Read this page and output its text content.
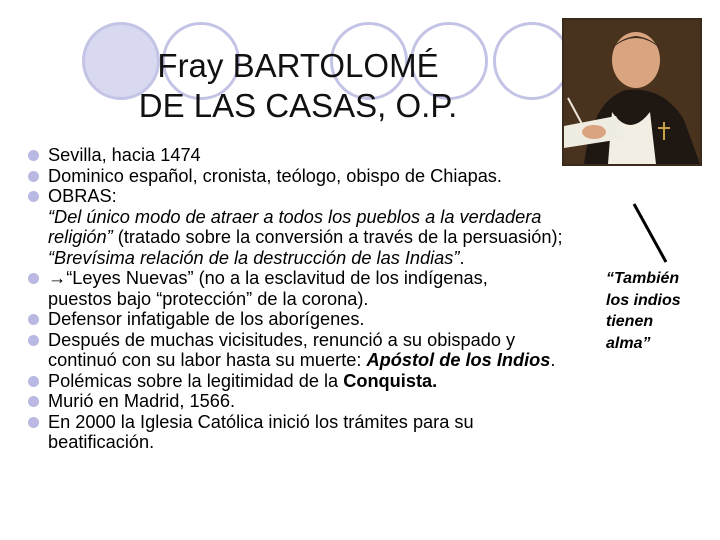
Fray BARTOLOMÉ
DE LAS CASAS, O.P.
Sevilla, hacia 1474
Dominico español, cronista, teólogo, obispo de Chiapas.
OBRAS:
“Del único modo de atraer a todos los pueblos a la verdadera
religión” (tratado sobre la conversión a través de la persuasión);
“Brevísima relación de la destrucción de las Indias”.
→“Leyes Nuevas” (no a la esclavitud de los indígenas,
puestos bajo “protección” de la corona).
Defensor infatigable de los aborígenes.
Después de muchas vicisitudes, renunció a su obispado y
continuó con su labor hasta su muerte: Apóstol de los Indios.
Polémicas sobre la legitimidad de la Conquista.
Murió en Madrid, 1566.
En 2000 la Iglesia Católica inició los trámites para su
beatificación.
“También
los indios
tienen
alma”
